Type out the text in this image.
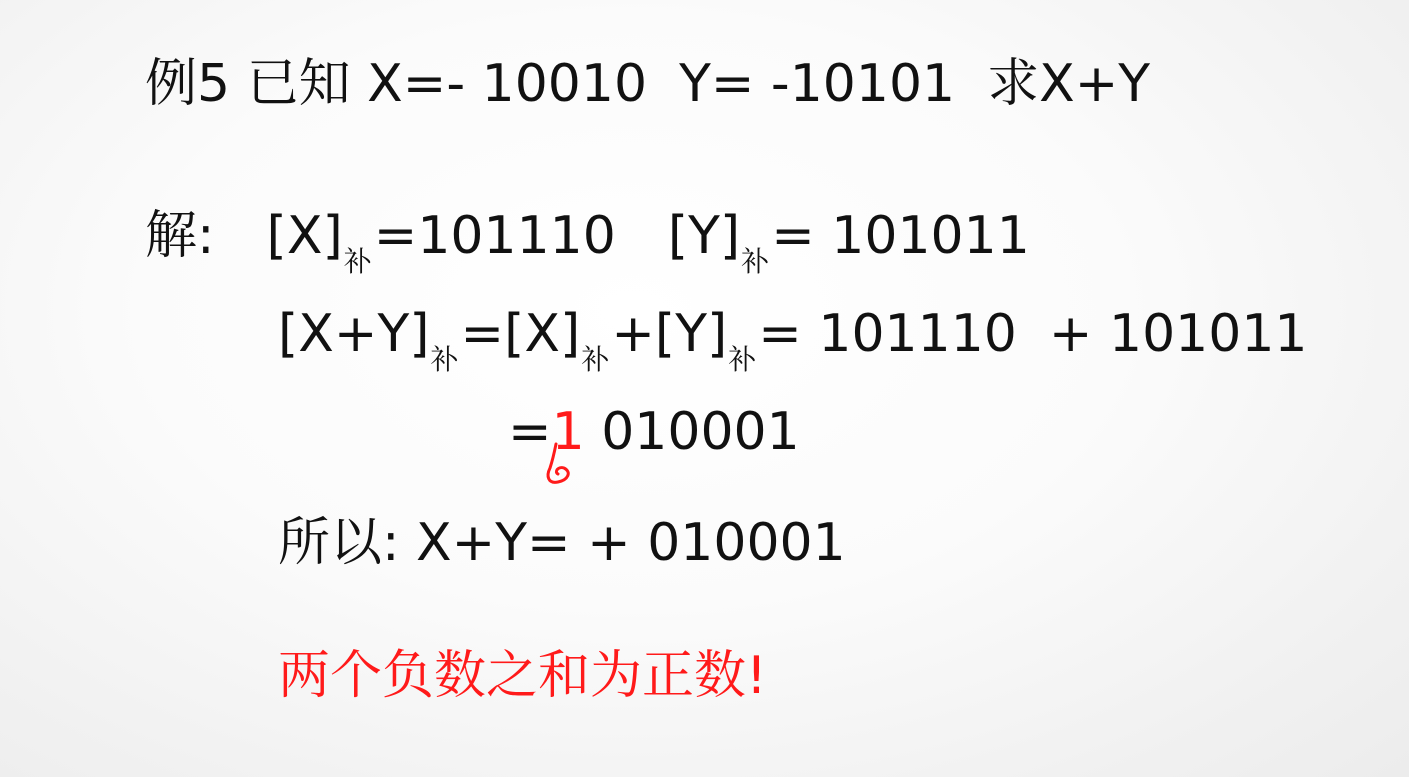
例5 已知 X=- 10010 Y= -10101 求X+Y
解: $[X]_补=101110$ $[Y]_补= 101011$
$[X+Y]_补=[X]_补+[Y]_补= 101110 + 101011$
=1 010001
所以: X+Y= + 010001
两个负数之和为正数!
